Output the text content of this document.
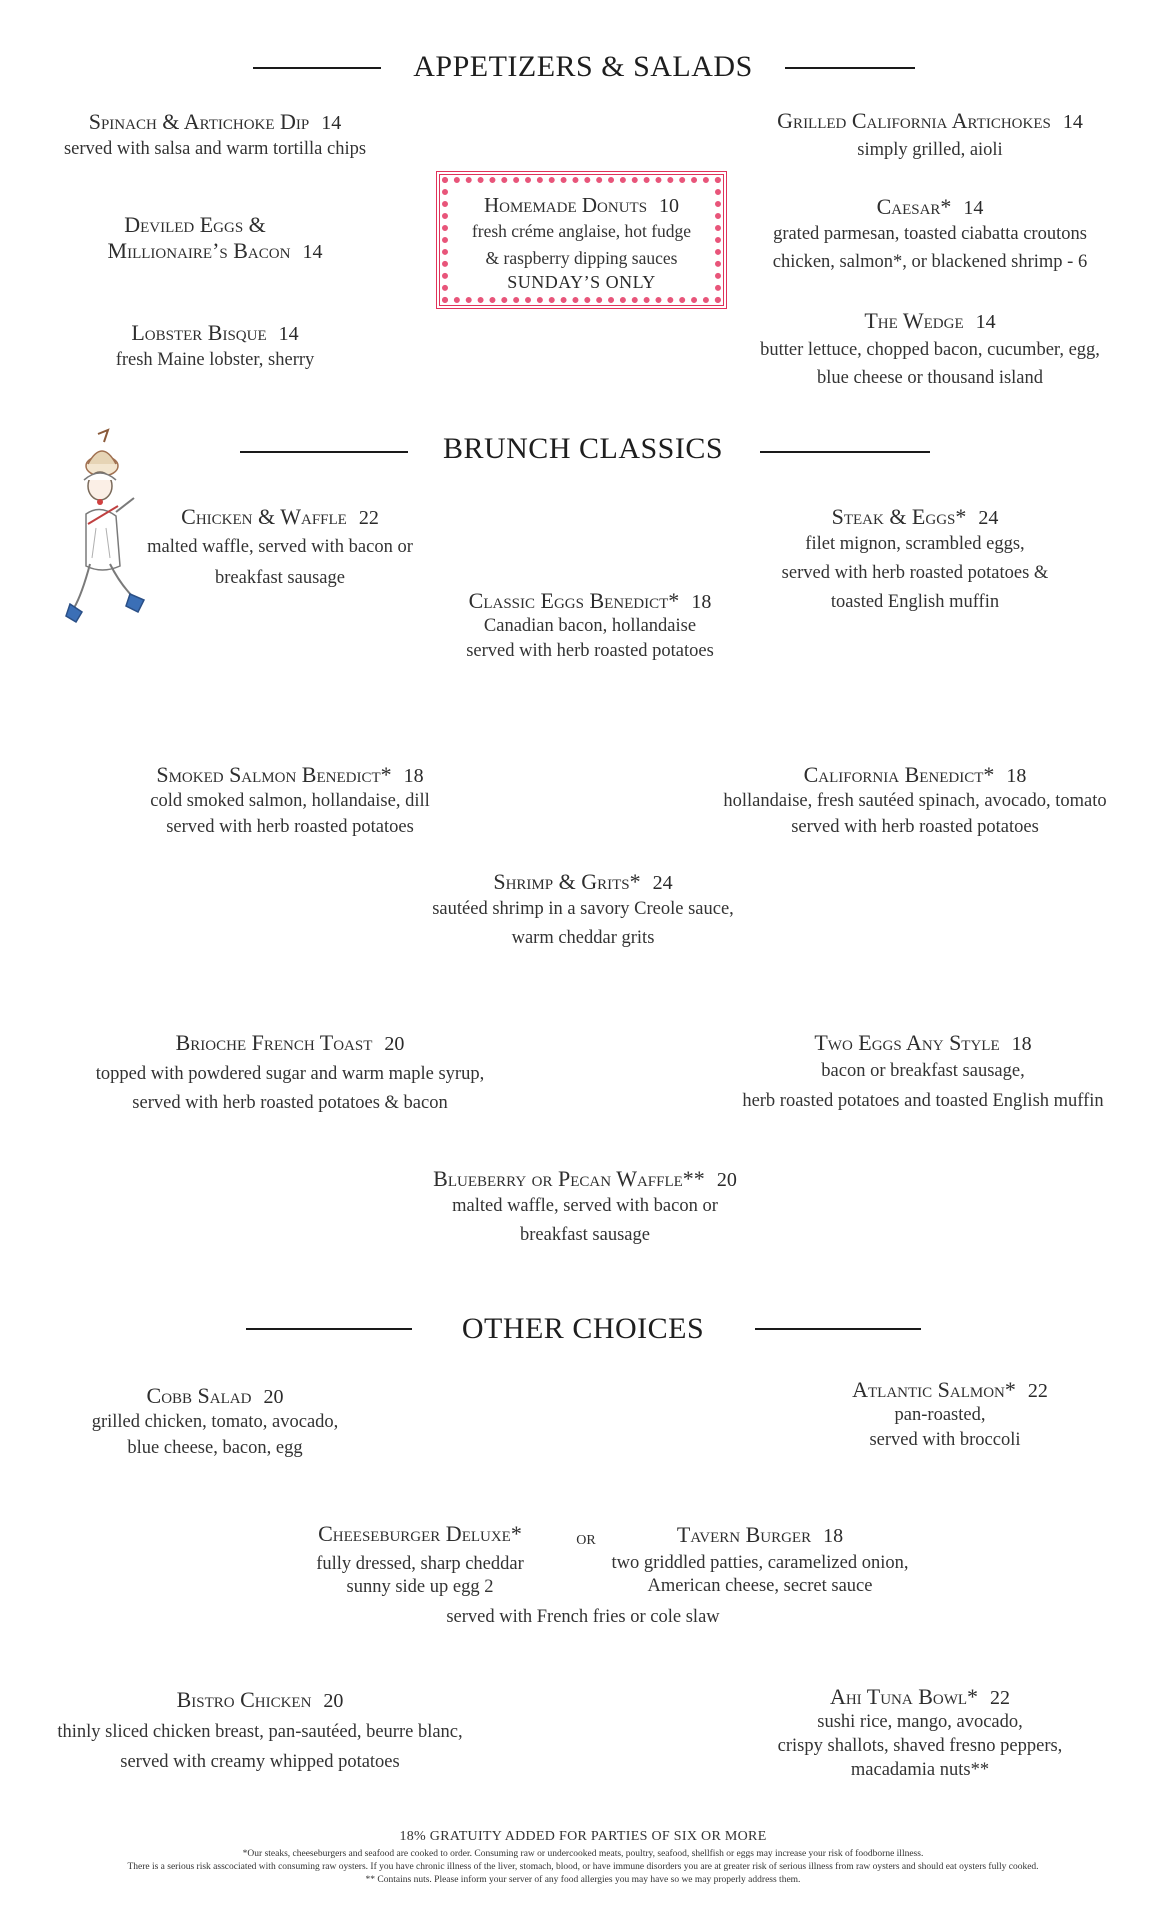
APPETIZERS & SALADS
Spinach & Artichoke Dip 14
served with salsa and warm tortilla chips
Deviled Eggs &
Millionaire’s Bacon 14
Lobster Bisque 14
fresh Maine lobster, sherry
Homemade Donuts 10
fresh créme anglaise, hot fudge
& raspberry dipping sauces
SUNDAY’S ONLY
Grilled California Artichokes 14
simply grilled, aioli
Caesar* 14
grated parmesan, toasted ciabatta croutons
chicken, salmon*, or blackened shrimp - 6
The Wedge 14
butter lettuce, chopped bacon, cucumber, egg,
blue cheese or thousand island
BRUNCH CLASSICS
Chicken & Waffle 22
malted waffle, served with bacon or
breakfast sausage
Steak & Eggs* 24
filet mignon, scrambled eggs,
served with herb roasted potatoes &
toasted English muffin
Classic Eggs Benedict* 18
Canadian bacon, hollandaise
served with herb roasted potatoes
Smoked Salmon Benedict* 18
cold smoked salmon, hollandaise, dill
served with herb roasted potatoes
California Benedict* 18
hollandaise, fresh sautéed spinach, avocado, tomato
served with herb roasted potatoes
Shrimp & Grits* 24
sautéed shrimp in a savory Creole sauce,
warm cheddar grits
Brioche French Toast 20
topped with powdered sugar and warm maple syrup,
served with herb roasted potatoes & bacon
Two Eggs Any Style 18
bacon or breakfast sausage,
herb roasted potatoes and toasted English muffin
Blueberry or Pecan Waffle** 20
malted waffle, served with bacon or
breakfast sausage
OTHER CHOICES
Cobb Salad 20
grilled chicken, tomato, avocado,
blue cheese, bacon, egg
Atlantic Salmon* 22
pan-roasted,
served with broccoli
Cheeseburger Deluxe*
fully dressed, sharp cheddar
sunny side up egg 2
or	Tavern Burger 18
two griddled patties, caramelized onion,
American cheese, secret sauce
served with French fries or cole slaw
Bistro Chicken 20
thinly sliced chicken breast, pan-sautéed, beurre blanc,
served with creamy whipped potatoes
Ahi Tuna Bowl* 22
sushi rice, mango, avocado,
crispy shallots, shaved fresno peppers,
macadamia nuts**
18% GRATUITY ADDED FOR PARTIES OF SIX OR MORE
*Our steaks, cheeseburgers and seafood are cooked to order. Consuming raw or undercooked meats, poultry, seafood, shellfish or eggs may increase your risk of foodborne illness.
There is a serious risk asscociated with consuming raw oysters. If you have chronic illness of the liver, stomach, blood, or have immune disorders you are at greater risk of serious illness from raw oysters and should eat oysters fully cooked.
** Contains nuts. Please inform your server of any food allergies you may have so we may properly address them.
